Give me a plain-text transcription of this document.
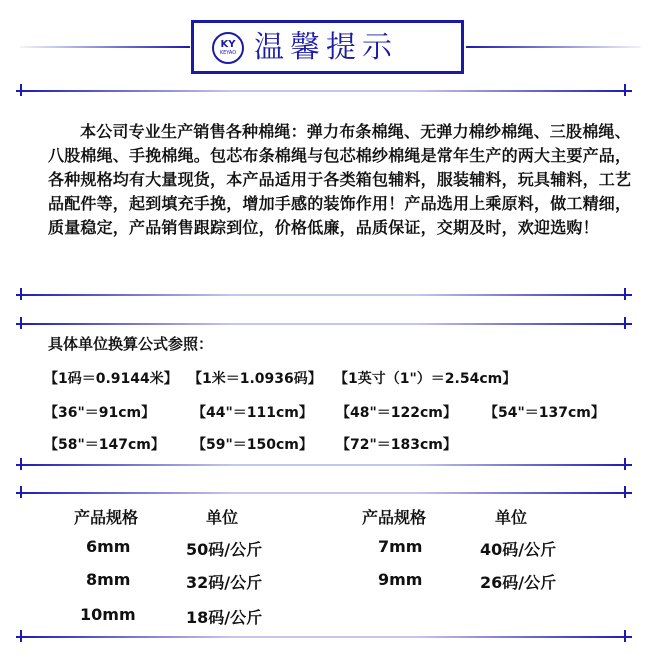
KY
KEYAO 温馨提示
本公司专业生产销售各种棉绳：弹力布条棉绳、无弹力棉纱棉绳、三股棉绳、八股棉绳、手挽棉绳。包芯布条棉绳与包芯棉纱棉绳是常年生产的两大主要产品，各种规格均有大量现货，本产品适用于各类箱包辅料，服装辅料，玩具辅料，工艺品配件等，起到填充手挽，增加手感的装饰作用！产品选用上乘原料，做工精细，质量稳定，产品销售跟踪到位，价格低廉，品质保证，交期及时，欢迎选购！
具体单位换算公式参照：
【1码＝0.9144米】 【1米＝1.0936码】 【1英寸（1"）＝2.54cm】
【36"＝91cm】	【44"＝111cm】 【48"＝122cm】 【54"＝137cm】
【58"＝147cm】 【59"＝150cm】 【72"＝183cm】
产品规格	单位	产品规格	单位
6mm	50码/公斤	7mm	40码/公斤
8mm	32码/公斤	9mm	26码/公斤
10mm	18码/公斤
